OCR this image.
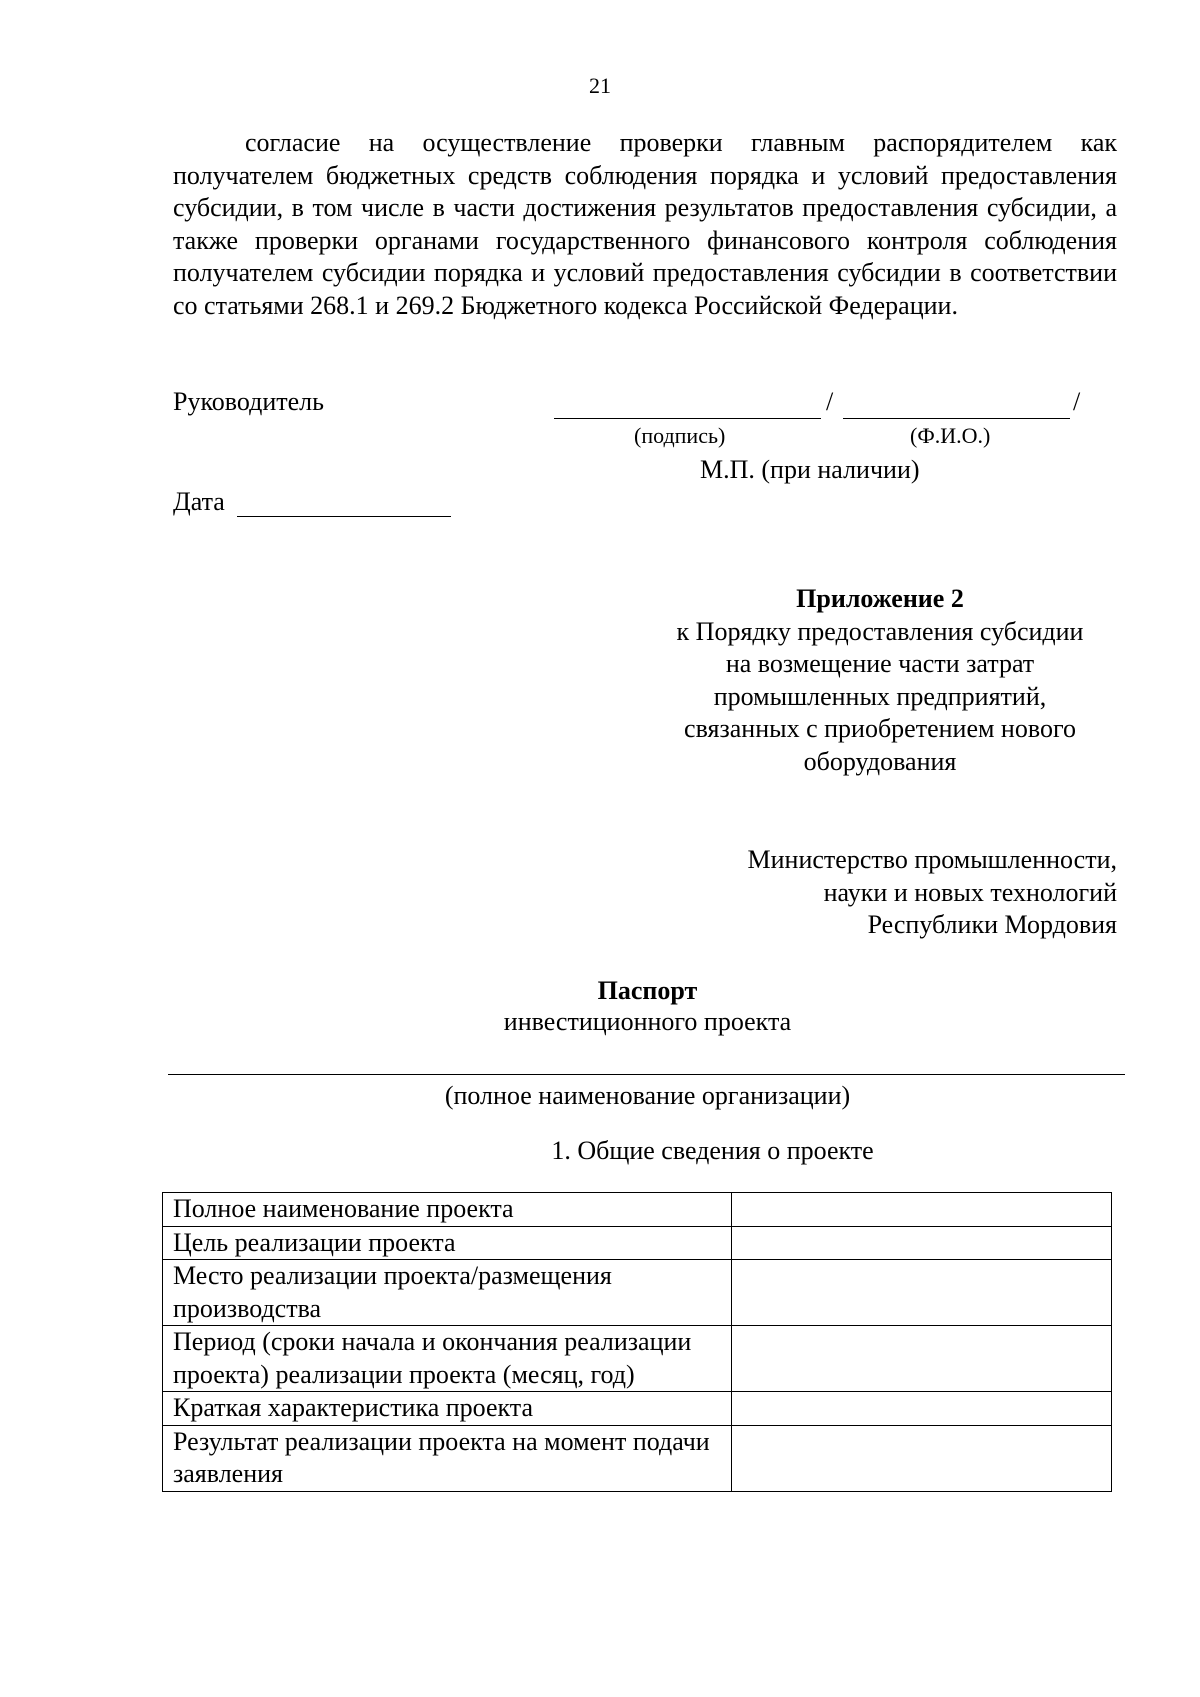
21

согласие на осуществление проверки главным распорядителем как получателем бюджетных средств соблюдения порядка и условий предоставления субсидии, в том числе в части достижения результатов предоставления субсидии, а также проверки органами государственного финансового контроля соблюдения получателем субсидии порядка и условий предоставления субсидии в соответствии со статьями 268.1 и 269.2 Бюджетного кодекса Российской Федерации.

Руководитель	/	/
(подпись)	(Ф.И.О.)
М.П. (при наличии)
Дата
Приложение 2
к Порядку предоставления субсидии
на возмещение части затрат
промышленных предприятий,
связанных с приобретением нового
оборудования
Министерство промышленности,
науки и новых технологий
Республики Мордовия
Паспорт
инвестиционного проекта
(полное наименование организации)
1. Общие сведения о проекте
Полное наименование проекта	
Цель реализации проекта	
Место реализации проекта/размещения производства	
Период (сроки начала и окончания реализации проекта) реализации проекта (месяц, год)	
Краткая характеристика проекта	
Результат реализации проекта на момент подачи заявления	
